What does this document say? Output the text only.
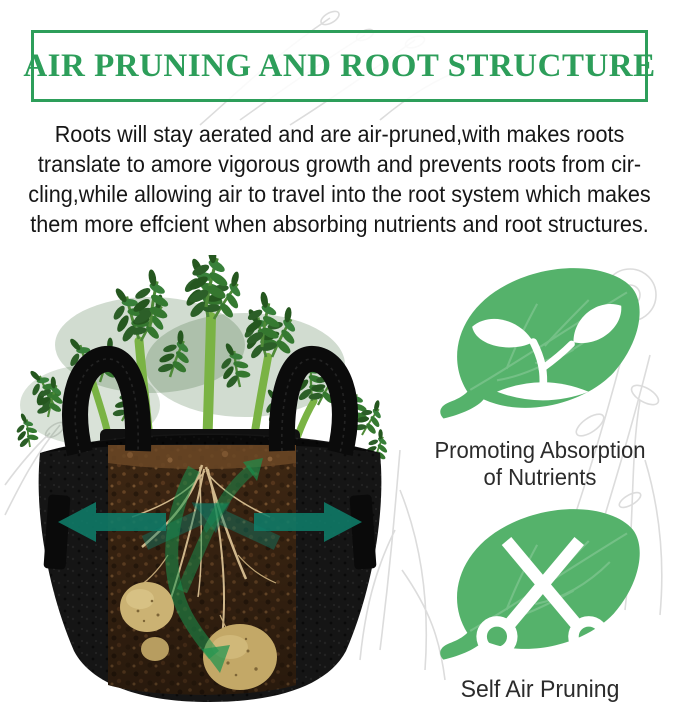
AIR PRUNING AND ROOT STRUCTURE
Roots will stay aerated and are air-pruned,with makes roots
translate to amore vigorous growth and prevents roots from cir-
cling,while allowing air to travel into the root system which makes
them more effcient when absorbing nutrients and root structures.
Promoting Absorption
of Nutrients
Self Air Pruning
